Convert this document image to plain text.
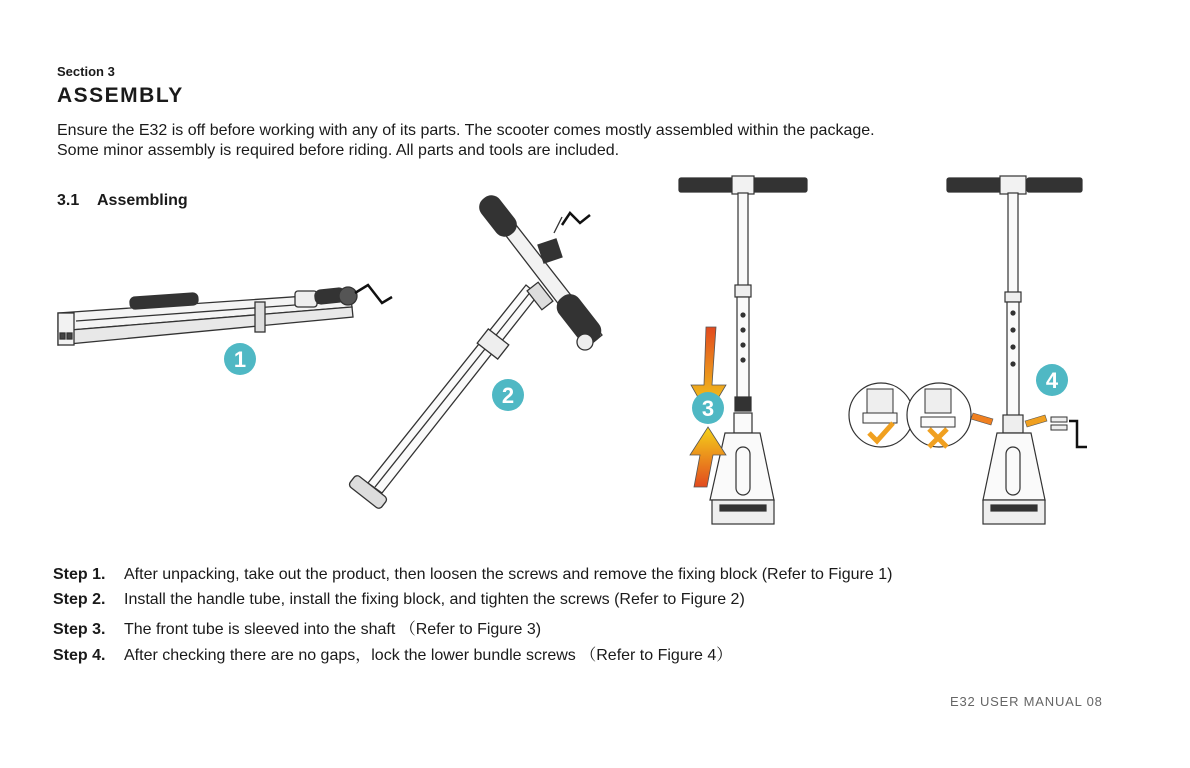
Section 3
ASSEMBLY
Ensure the E32 is off before working with any of its parts. The scooter comes mostly assembled within the package.
Some minor assembly is required before riding. All parts and tools are included.
3.1 Assembling
1
2
3
4
Step 1. After unpacking, take out the product, then loosen the screws and remove the fixing block (Refer to Figure 1)
Step 2. Install the handle tube, install the fixing block, and tighten the screws (Refer to Figure 2)
Step 3. The front tube is sleeved into the shaft （Refer to Figure 3)
Step 4. After checking there are no gaps，lock the lower bundle screws （Refer to Figure 4）
E32 USER MANUAL 08
